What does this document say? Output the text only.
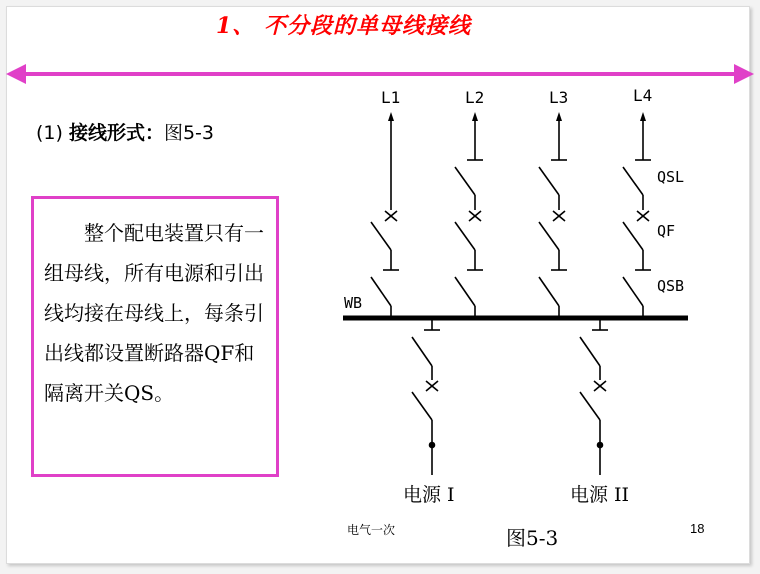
1、 不分段的单母线接线
(1) 接线形式：图5-3

整个配电装置只有一组母线，所有电源和引出线均接在母线上，每条引出线都设置断路器QF和隔离开关QS。

L1	L2	L3	L4
QSL
QF
QSB
WB
电源 I	电源 II
电气一次	图5-3	18
